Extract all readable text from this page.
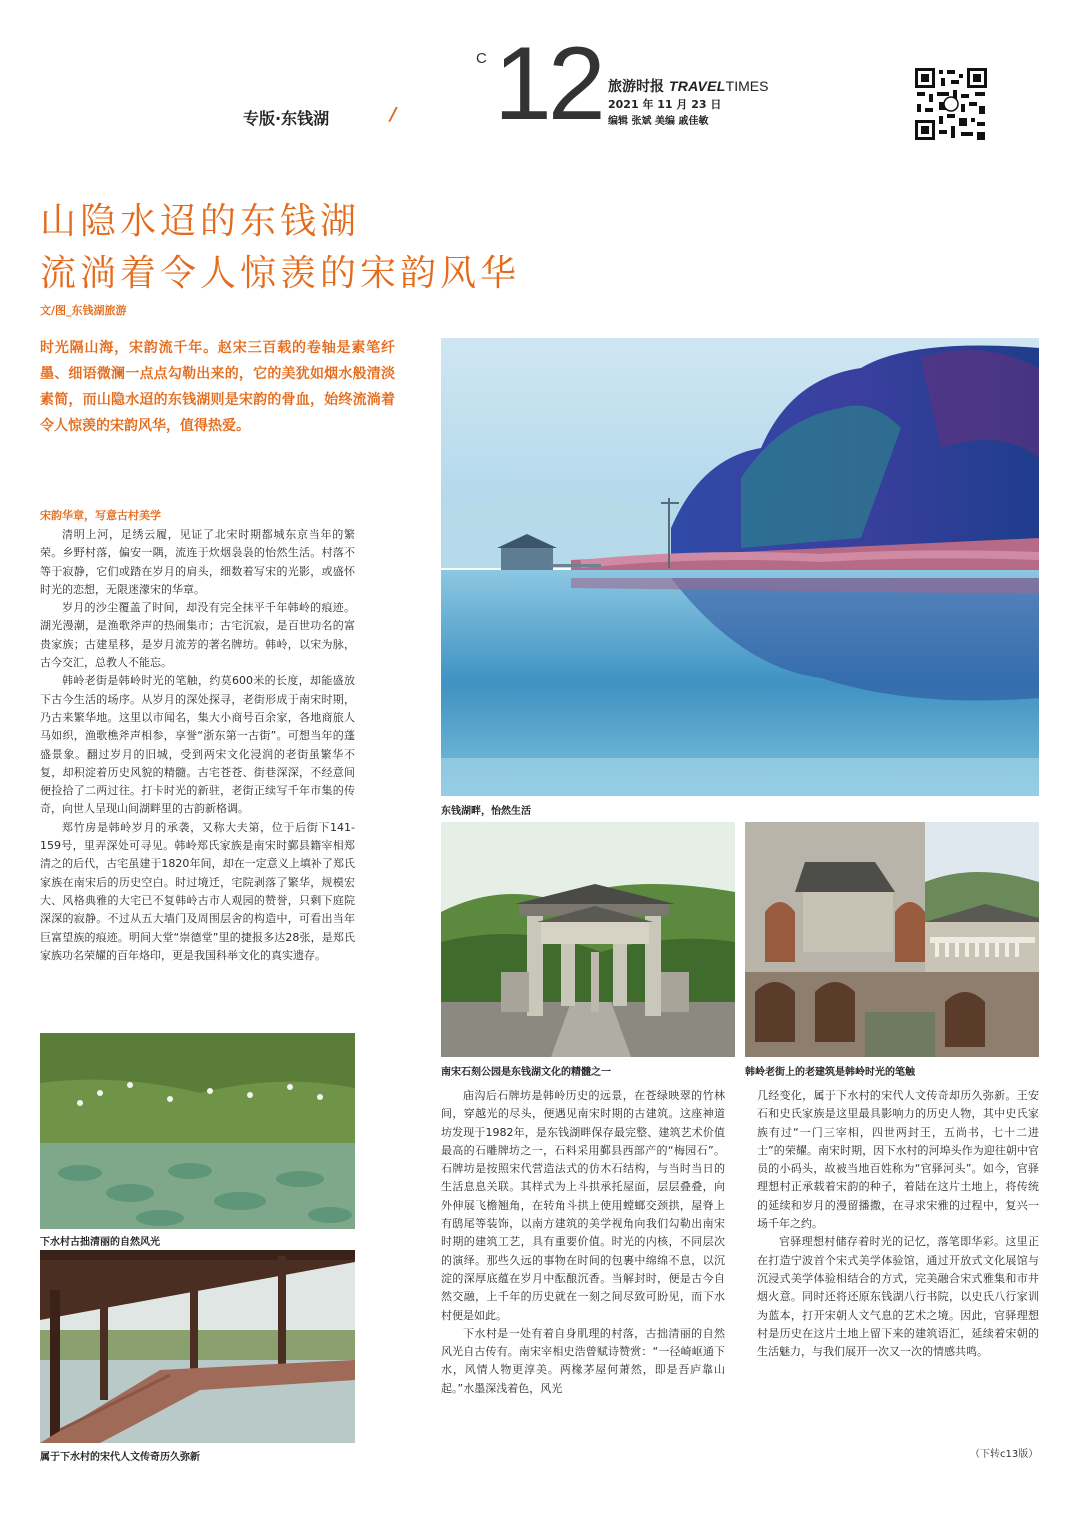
专版·东钱湖	/
C 12 旅游时报 TRAVELTIMES
2021 年 11 月 23 日
编辑 张斌 美编 戚佳敏
山隐水迢的东钱湖
流淌着令人惊羡的宋韵风华
文/图_东钱湖旅游
时光隔山海，宋韵流千年。赵宋三百载的卷轴是素笔纤墨、细语微澜一点点勾勒出来的，它的美犹如烟水般清淡素简，而山隐水迢的东钱湖则是宋韵的骨血，始终流淌着令人惊羡的宋韵风华，值得热爱。
宋韵华章，写意古村美学

清明上河，足绣云履，见证了北宋时期都城东京当年的繁荣。乡野村落，偏安一隅，流连于炊烟袅袅的怡然生活。村落不等于寂静，它们或踏在岁月的肩头，细数着写宋的光影，或盛怀时光的恋想，无限迷濛宋的华章。

岁月的沙尘覆盖了时间，却没有完全抹平千年韩岭的痕迹。湖光漫潮，是渔歌斧声的热闹集市；古宅沉寂，是百世功名的富贵家族；古建星移，是岁月流芳的著名牌坊。韩岭，以宋为脉，古今交汇，总教人不能忘。

韩岭老街是韩岭时光的笔触，约莫600米的长度，却能盛放下古今生活的场序。从岁月的深处探寻，老街形成于南宋时期，乃古来繁华地。这里以市闻名，集大小商号百余家，各地商旅人马如织，渔歌樵斧声相参，享誉“浙东第一古街”。可想当年的蓬盛景象。翻过岁月的旧城，受到两宋文化浸润的老街虽繁华不复，却积淀着历史风貌的精髓。古宅苍苍、街巷深深，不经意间便捡拾了二两过往。打卡时光的新驻，老街正续写千年市集的传奇，向世人呈现山间湖畔里的古韵新格调。

郑竹房是韩岭岁月的承袭，又称大夫第，位于后街下141-159号，里弄深处可寻见。韩岭郑氏家族是南宋时鄞县籍宰相郑清之的后代，古宅虽建于1820年间，却在一定意义上填补了郑氏家族在南宋后的历史空白。时过境迁，宅院剥落了繁华，规模宏大、风格典雅的大宅已不复韩岭古市人观园的赞誉，只剩下庭院深深的寂静。不过从五大墙门及周围层舍的构造中，可看出当年巨富望族的痕迹。明间大堂“崇德堂”里的捷报多达28张，是郑氏家族功名荣耀的百年烙印，更是我国科举文化的真实遗存。

东钱湖畔，怡然生活
南宋石刻公园是东钱湖文化的精髓之一	韩岭老街上的老建筑是韩岭时光的笔触
下水村古拙清丽的自然风光
属于下水村的宋代人文传奇历久弥新

庙沟后石牌坊是韩岭历史的远景，在苍绿映翠的竹林间，穿越光的尽头，便遇见南宋时期的古建筑。这座神道坊发现于1982年，是东钱湖畔保存最完整、建筑艺术价值最高的石雕牌坊之一，石料采用鄞县西部产的“梅园石”。石牌坊是按照宋代营造法式的仿木石结构，与当时当日的生活息息关联。其样式为上斗拱承托屋面，层层叠叠，向外伸展飞檐翘角，在转角斗拱上使用螳螂交颈拱，屋脊上有鸱尾等装饰，以南方建筑的美学视角向我们勾勒出南宋时期的建筑工艺，具有重要价值。时光的内核，不同层次的演绎。那些久远的事物在时间的包裹中绵绵不息，以沉淀的深厚底蕴在岁月中酝酿沉香。当解封时，便是古今自然交融，上千年的历史就在一刻之间尽致可盼见，而下水村便是如此。

下水村是一处有着自身肌理的村落，古拙清丽的自然风光自古传有。南宋宰相史浩曾赋诗赞赏：“一径崎岖通下水，风情人物更淳美。两椽茅屋何萧然，即是吾庐靠山起。”水墨深浅着色，风光

几经变化，属于下水村的宋代人文传奇却历久弥新。王安石和史氏家族是这里最具影响力的历史人物，其中史氏家族有过“一门三宰相，四世两封王，五尚书，七十二进士”的荣耀。南宋时期，因下水村的河埠头作为迎往朝中官员的小码头，故被当地百姓称为“官驿河头”。如今，官驿理想村正承载着宋韵的种子，着陆在这片土地上，将传统的延续和岁月的漫留播撒，在寻求宋雅的过程中，复兴一场千年之约。

官驿理想村储存着时光的记忆，落笔即华彩。这里正在打造宁波首个宋式美学体验馆，通过开放式文化展馆与沉浸式美学体验相结合的方式，完美融合宋式雅集和市井烟火意。同时还将还原东钱湖八行书院，以史氏八行家训为蓝本，打开宋朝人文气息的艺术之境。因此，官驿理想村是历史在这片土地上留下来的建筑语汇，延续着宋朝的生活魅力，与我们展开一次又一次的情感共鸣。

（下转c13版）
